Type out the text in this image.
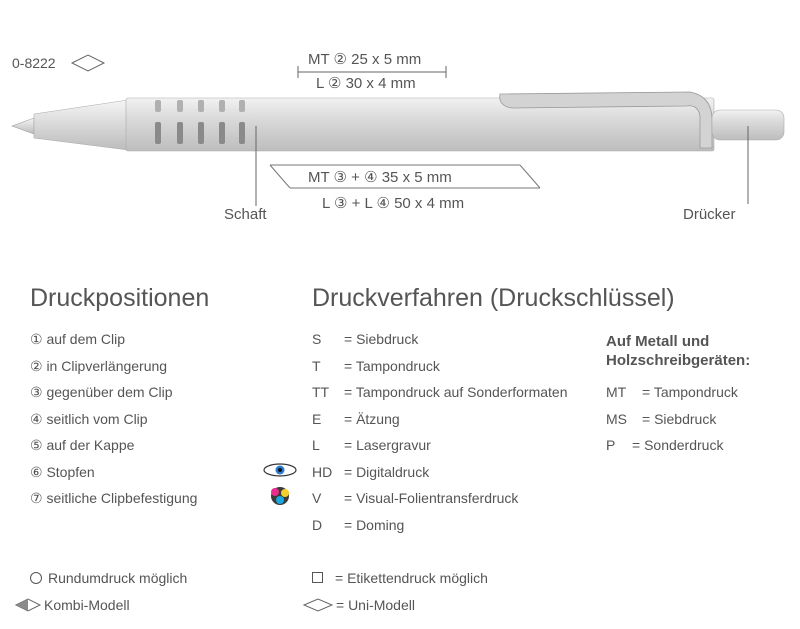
0-8222	MT ② 25 x 5 mm
L ② 30 x 4 mm
MT ③ + ④ 35 x 5 mm
L ③ + L ④ 50 x 4 mm
Schaft	Drücker
Druckpositionen	Druckverfahren (Druckschlüssel)
① auf dem Clip
② in Clipverlängerung
③ gegenüber dem Clip
④ seitlich vom Clip
⑤ auf der Kappe
⑥ Stopfen
⑦ seitliche Clipbefestigung
S = Siebdruck
T = Tampondruck
TT = Tampondruck auf Sonderformaten
E = Ätzung
L = Lasergravur
HD = Digitaldruck
V = Visual-Folientransferdruck
D = Doming
Auf Metall und
Holzschreibgeräten:
MT = Tampondruck
MS = Siebdruck
P = Sonderdruck
Rundumdruck möglich
Kombi-Modell
= Etikettendruck möglich
= Uni-Modell
